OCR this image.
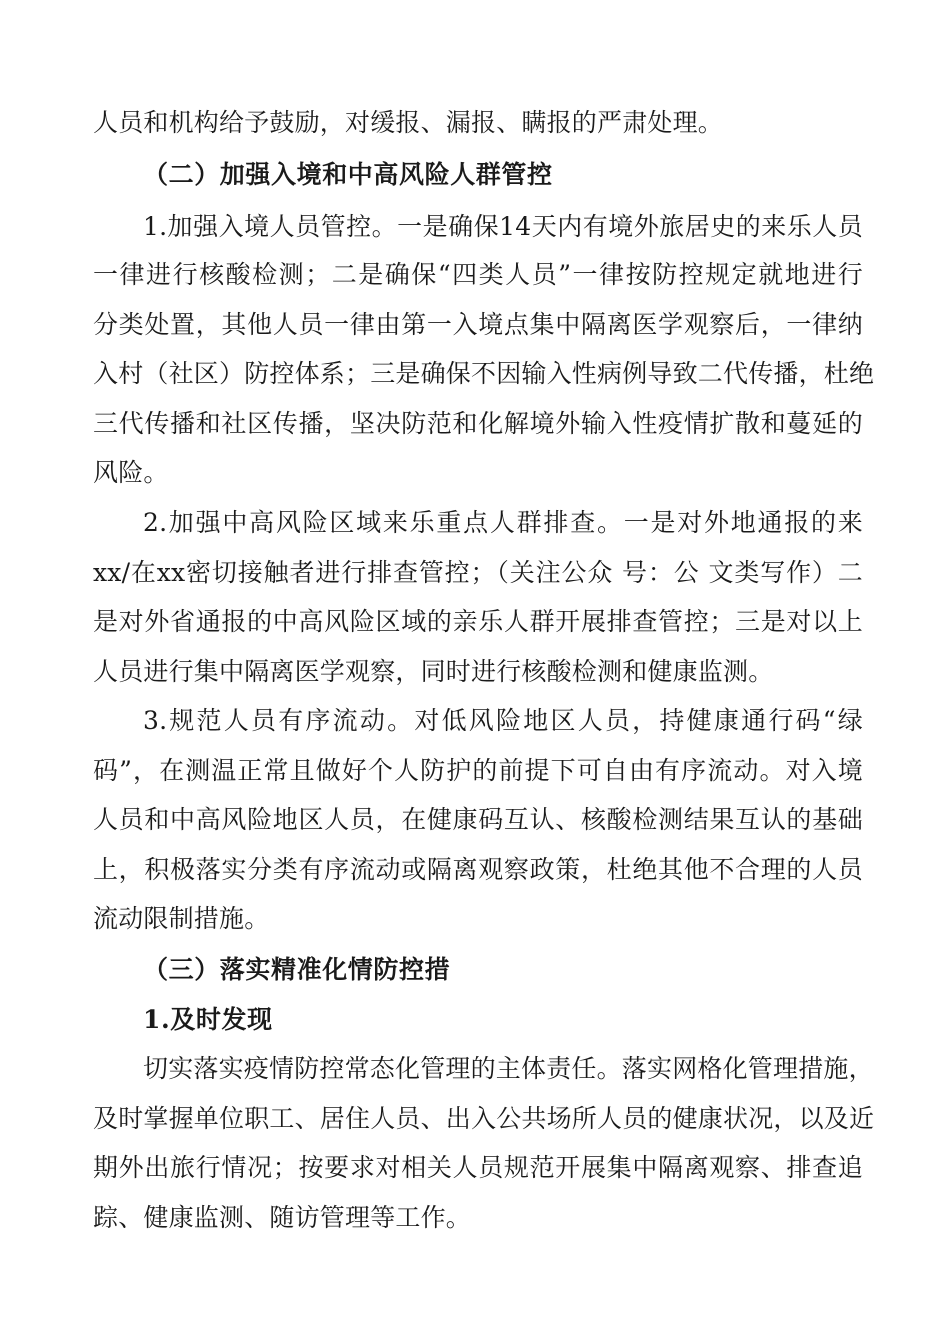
人员和机构给予鼓励，对缓报、漏报、瞒报的严肃处理。
（二）加强入境和中高风险人群管控
1.加强入境人员管控。一是确保14天内有境外旅居史的来乐人员
一律进行核酸检测；二是确保“四类人员”一律按防控规定就地进行
分类处置，其他人员一律由第一入境点集中隔离医学观察后，一律纳
入村（社区）防控体系；三是确保不因输入性病例导致二代传播，杜绝
三代传播和社区传播，坚决防范和化解境外输入性疫情扩散和蔓延的
风险。
2.加强中高风险区域来乐重点人群排查。一是对外地通报的来
xx/在xx密切接触者进行排查管控；（关注公众 号：公 文类写作）二
是对外省通报的中高风险区域的亲乐人群开展排查管控；三是对以上
人员进行集中隔离医学观察，同时进行核酸检测和健康监测。
3.规范人员有序流动。对低风险地区人员，持健康通行码“绿
码”，在测温正常且做好个人防护的前提下可自由有序流动。对入境
人员和中高风险地区人员，在健康码互认、核酸检测结果互认的基础
上，积极落实分类有序流动或隔离观察政策，杜绝其他不合理的人员
流动限制措施。
（三）落实精准化情防控措
1.及时发现
切实落实疫情防控常态化管理的主体责任。落实网格化管理措施，
及时掌握单位职工、居住人员、出入公共场所人员的健康状况，以及近
期外出旅行情况；按要求对相关人员规范开展集中隔离观察、排查追
踪、健康监测、随访管理等工作。
